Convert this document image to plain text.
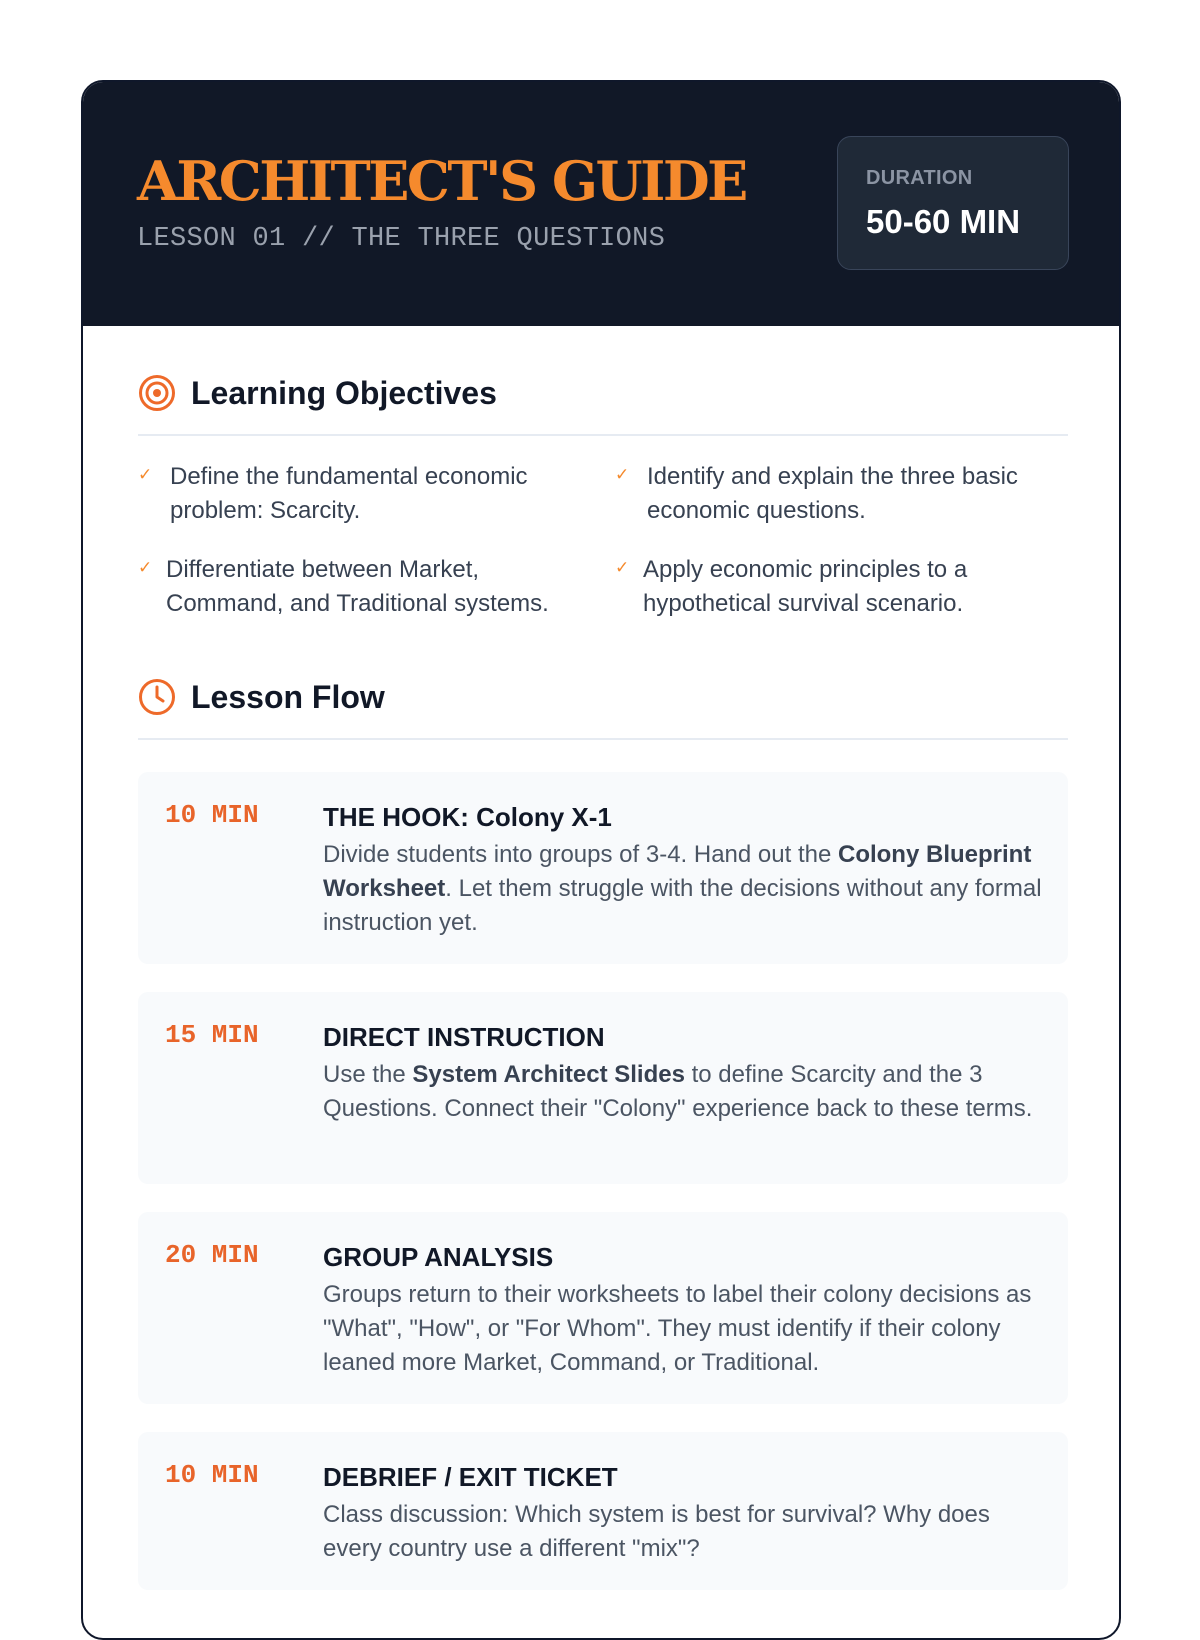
ARCHITECT'S GUIDE
LESSON 01 // THE THREE QUESTIONS
DURATION
50-60 MIN
Learning Objectives
✓ Define the fundamental economic problem: Scarcity.
✓ Identify and explain the three basic economic questions.
✓ Differentiate between Market, Command, and Traditional systems.
✓ Apply economic principles to a hypothetical survival scenario.
Lesson Flow
10 MIN THE HOOK: Colony X-1
Divide students into groups of 3-4. Hand out the Colony Blueprint Worksheet. Let them struggle with the decisions without any formal instruction yet.
15 MIN DIRECT INSTRUCTION
Use the System Architect Slides to define Scarcity and the 3 Questions. Connect their "Colony" experience back to these terms.
20 MIN GROUP ANALYSIS
Groups return to their worksheets to label their colony decisions as "What", "How", or "For Whom". They must identify if their colony leaned more Market, Command, or Traditional.
10 MIN DEBRIEF / EXIT TICKET
Class discussion: Which system is best for survival? Why does every country use a different "mix"?
